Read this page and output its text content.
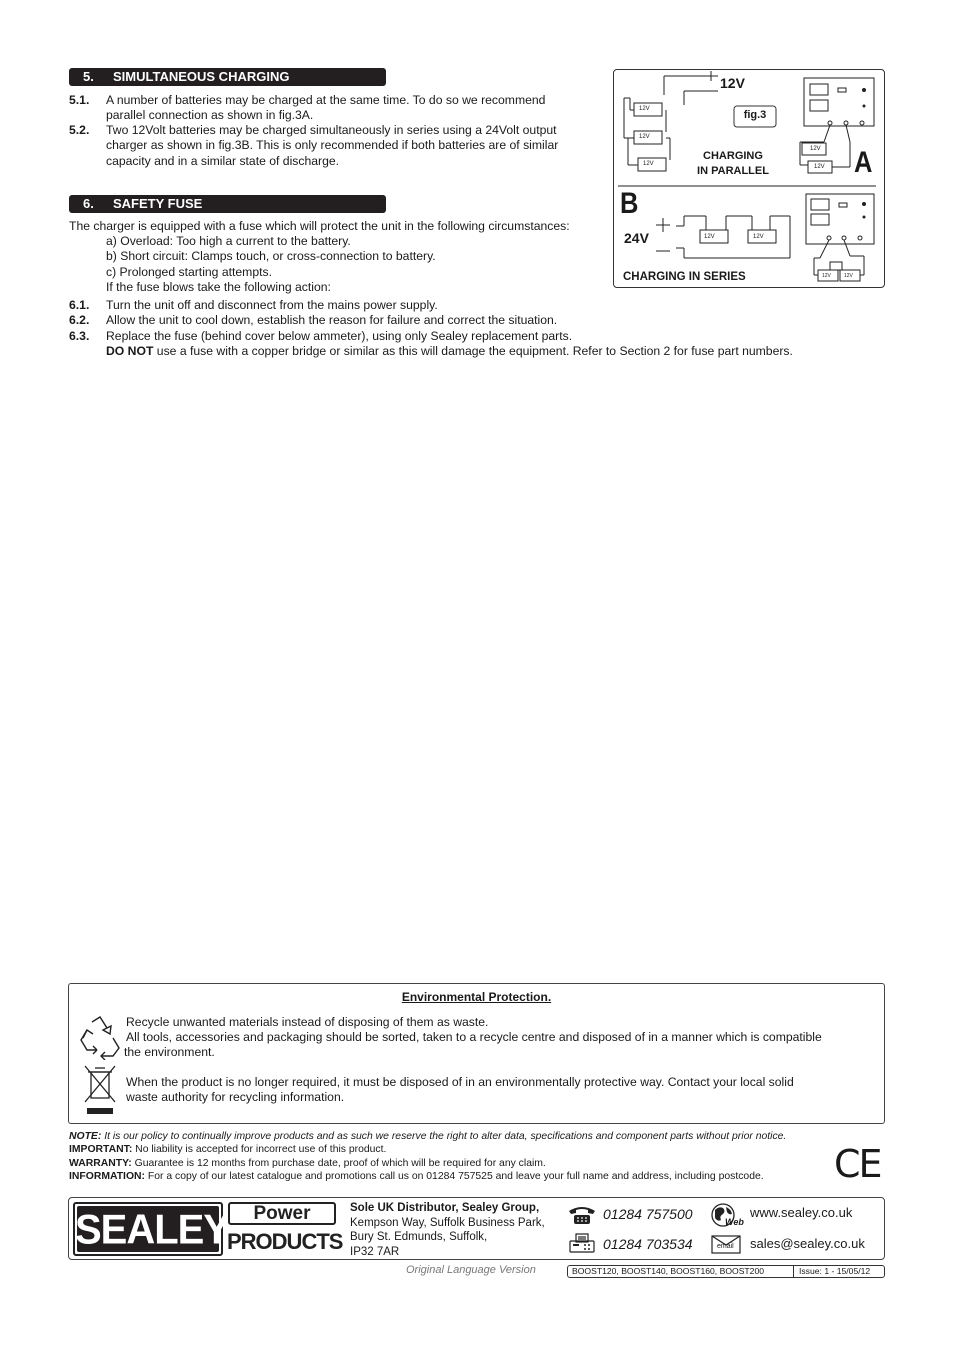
5. SIMULTANEOUS CHARGING
5.1. A number of batteries may be charged at the same time. To do so we recommend
parallel connection as shown in fig.3A.
5.2. Two 12Volt batteries may be charged simultaneously in series using a 24Volt output
charger as shown in fig.3B. This is only recommended if both batteries are of similar
capacity and in a similar state of discharge.
6. SAFETY FUSE
The charger is equipped with a fuse which will protect the unit in the following circumstances:
a) Overload: Too high a current to the battery.
b) Short circuit: Clamps touch, or cross-connection to battery.
c) Prolonged starting attempts.
If the fuse blows take the following action:
6.1. Turn the unit off and disconnect from the mains power supply.
6.2. Allow the unit to cool down, establish the reason for failure and correct the situation.
6.3. Replace the fuse (behind cover below ammeter), using only Sealey replacement parts.
DO NOT use a fuse with a copper bridge or similar as this will damage the equipment. Refer to Section 2 for fuse part numbers.
fig.3
12V
A
B
CHARGING
IN PARALLEL
24V
CHARGING IN SERIES
12V
12V
12V
12V	12V
12V
12V
12V	12V
Environmental Protection.
Recycle unwanted materials instead of disposing of them as waste.
All tools, accessories and packaging should be sorted, taken to a recycle centre and disposed of in a manner which is compatible
the environment.
When the product is no longer required, it must be disposed of in an environmentally protective way. Contact your local solid
waste authority for recycling information.
NOTE: It is our policy to continually improve products and as such we reserve the right to alter data, specifications and component parts without prior notice.
IMPORTANT: No liability is accepted for incorrect use of this product.
WARRANTY: Guarantee is 12 months from purchase date, proof of which will be required for any claim.
INFORMATION: For a copy of our latest catalogue and promotions call us on 01284 757525 and leave your full name and address, including postcode. CE
SEALEY	Power
PRODUCTS
Sole UK Distributor, Sealey Group,
Kempson Way, Suffolk Business Park,
Bury St. Edmunds, Suffolk,
IP32 7AR
01284 757500
01284 703534
Web
www.sealey.co.uk
email sales@sealey.co.uk
Original Language Version	BOOST120, BOOST140, BOOST160, BOOST200	Issue: 1 - 15/05/12
